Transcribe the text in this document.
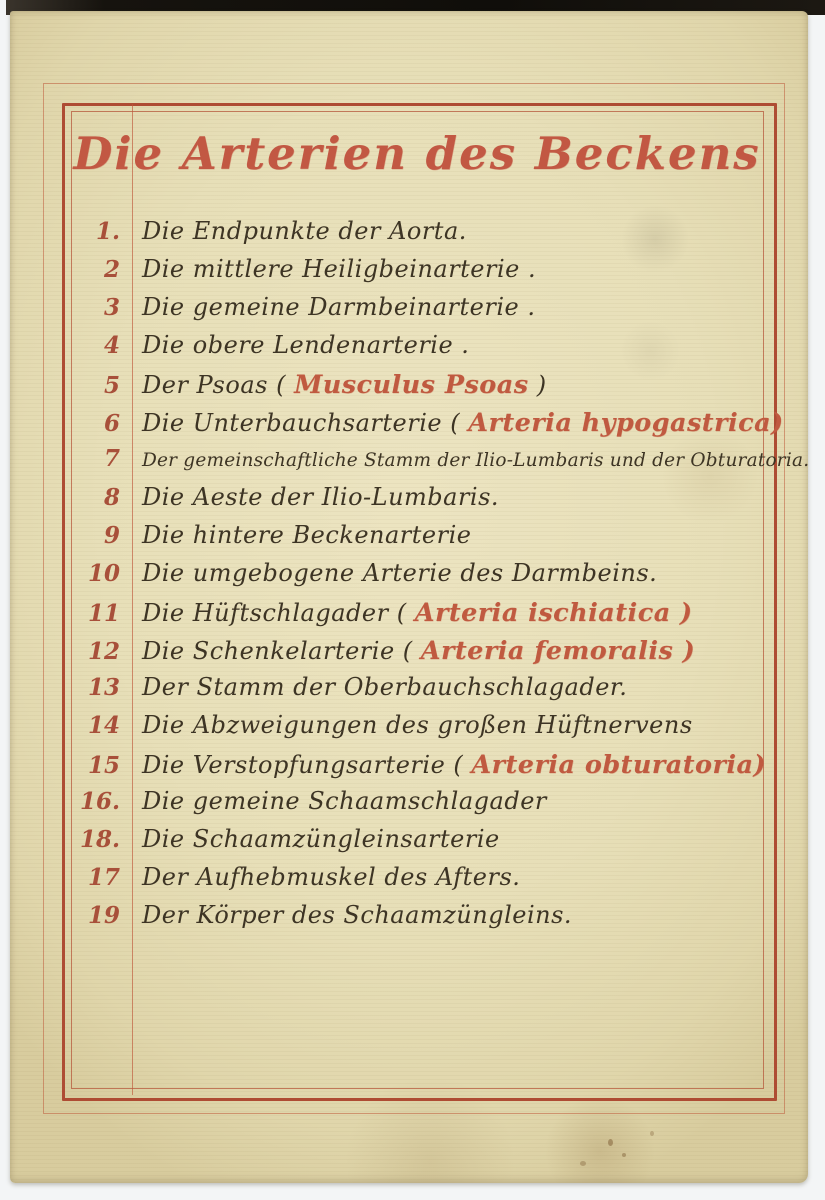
Die Arterien des Beckens
1. Die Endpunkte der Aorta.
2 Die mittlere Heiligbeinarterie .
3 Die gemeine Darmbeinarterie .
4 Die obere Lendenarterie .
5 Der Psoas ( Musculus Psoas )
6 Die Unterbauchsarterie ( Arteria hypogastrica)
7	Der gemeinschaftliche Stamm der Ilio-Lumbaris und der Obturatoria.
8 Die Aeste der Ilio-Lumbaris.
9 Die hintere Beckenarterie
10 Die umgebogene Arterie des Darmbeins.
11 Die Hüftschlagader ( Arteria ischiatica )
12 Die Schenkelarterie ( Arteria femoralis )
13 Der Stamm der Oberbauchschlagader.
14 Die Abzweigungen des großen Hüftnervens
15 Die Verstopfungsarterie ( Arteria obturatoria)
16. Die gemeine Schaamschlagader
18. Die Schaamzüngleinsarterie
17 Der Aufhebmuskel des Afters.
19 Der Körper des Schaamzüngleins.
